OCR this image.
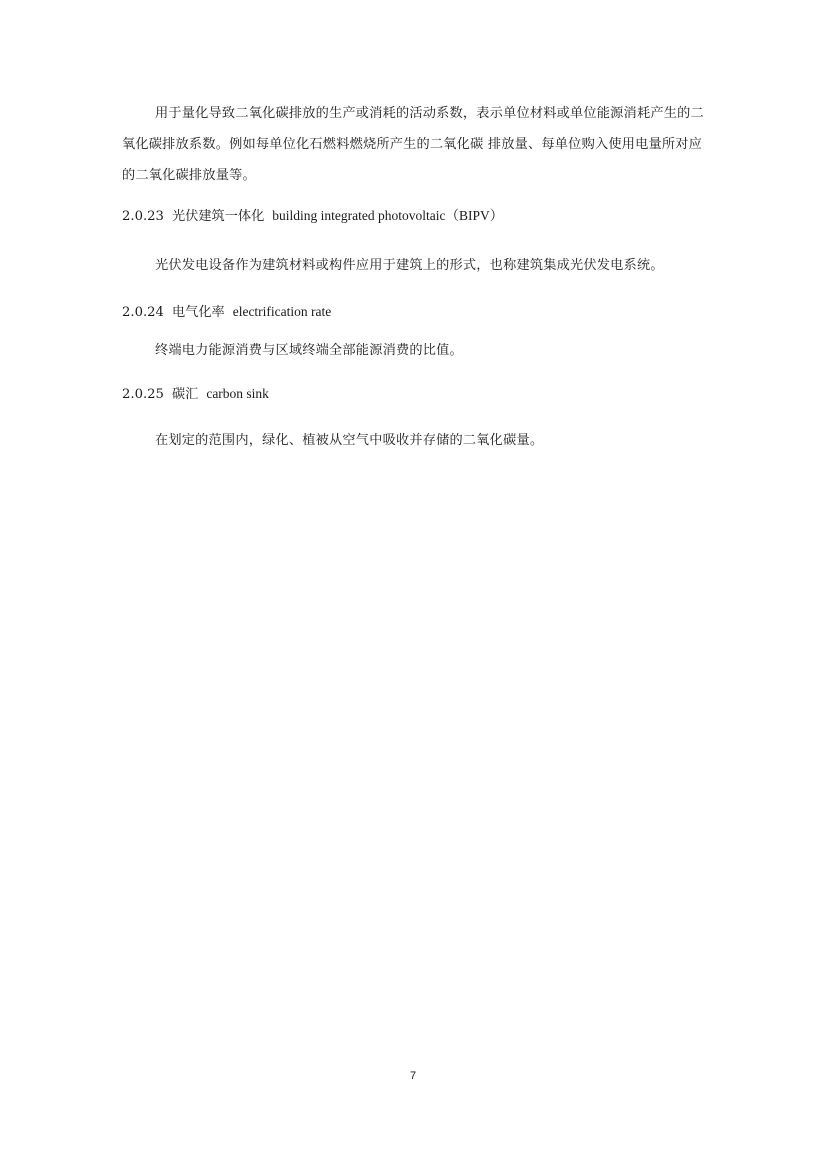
用于量化导致二氧化碳排放的生产或消耗的活动系数，表示单位材料或单位能源消耗产生的二氧化碳排放系数。例如每单位化石燃料燃烧所产生的二氧化碳 排放量、每单位购入使用电量所对应的二氧化碳排放量等。

2.0.23 光伏建筑一体化 building integrated photovoltaic（BIPV）

光伏发电设备作为建筑材料或构件应用于建筑上的形式，也称建筑集成光伏发电系统。

2.0.24 电气化率 electrification rate

终端电力能源消费与区域终端全部能源消费的比值。

2.0.25 碳汇 carbon sink

在划定的范围内，绿化、植被从空气中吸收并存储的二氧化碳量。

7
